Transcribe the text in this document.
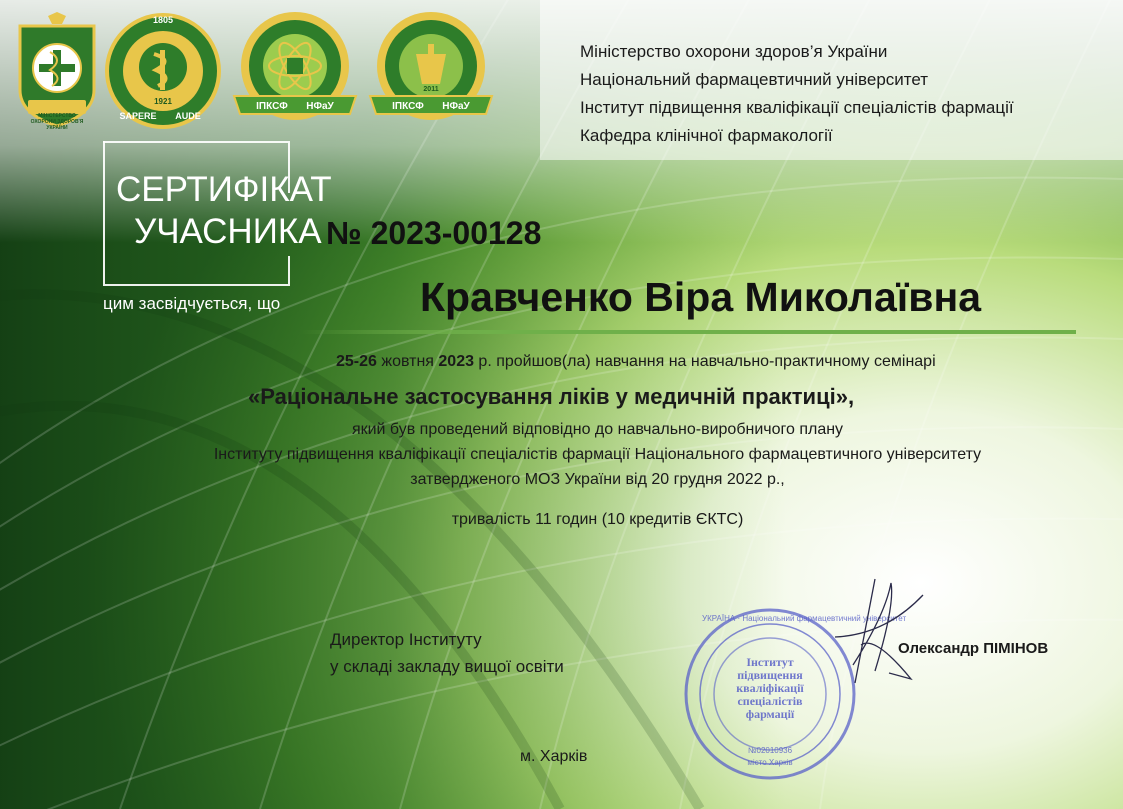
МІНІСТЕРСТВО ОХОРОНИ ЗДОРОВ'Я УКРАЇНИ
1805
1921
SAPERE	AUDE
ІПКСФ	НФаУ
2011
ІПКСФ	НФаУ
Міністерство охорони здоров’я України
Національний фармацевтичний університет
Інститут підвищення кваліфікації спеціалістів фармації
Кафедра клінічної фармакології
СЕРТИФІКАТ
УЧАСНИКА № 2023-00128
цим засвідчується, що	Кравченко Віра Миколаївна
25-26 жовтня 2023 р. пройшов(ла) навчання на навчально-практичному семінарі
«Раціональне застосування ліків у медичній практиці»,
який був проведений відповідно до навчально-виробничого плану
Інституту підвищення кваліфікації спеціалістів фармації Національного фармацевтичного університету
затвердженого МОЗ України від 20 грудня 2022 р.,
тривалість 11 годин (10 кредитів ЄКТС)
Директор Інституту
у складі закладу вищої освіти
Олександр ПІМІНОВ
УКРАЇНА · Національний фармацевтичний університет
Інститут
підвищення
кваліфікації
спеціалістів
фармації
№02010936
місто Харків
м. Харків
